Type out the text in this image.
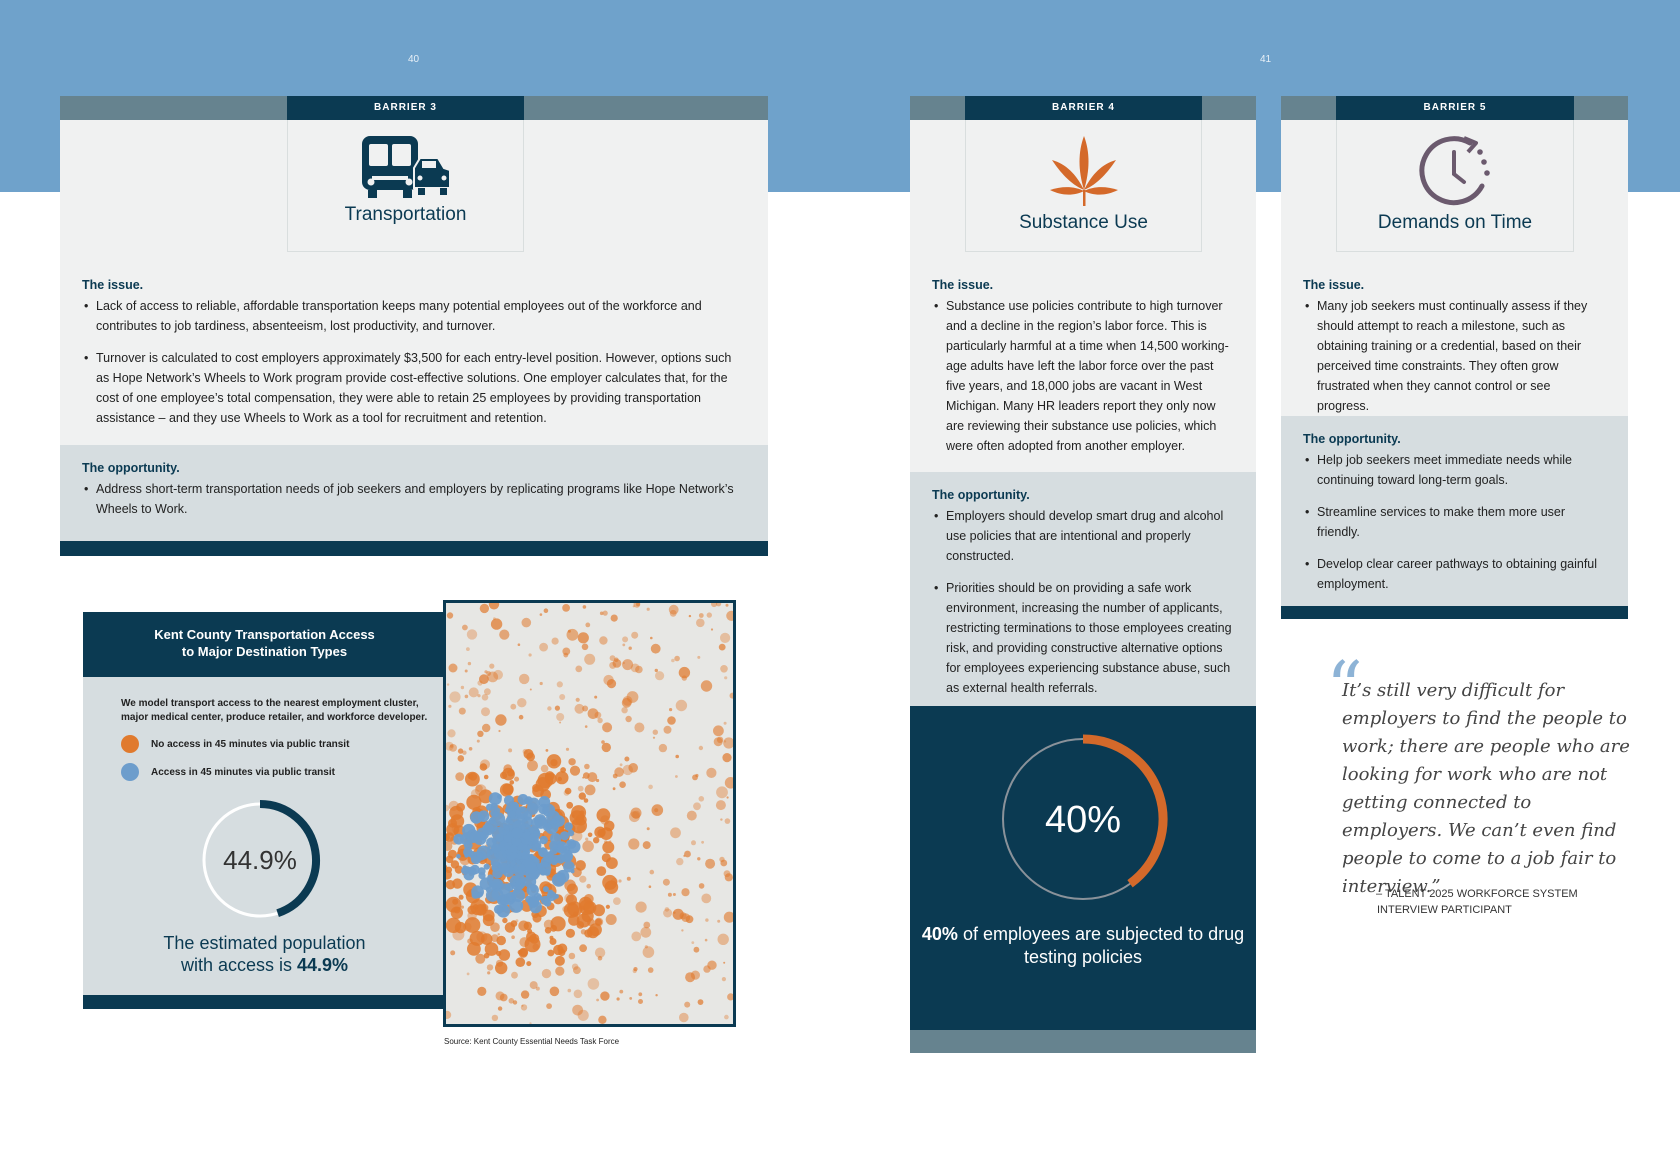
40	41
BARRIER 3
Transportation
The issue.
• Lack of access to reliable, affordable transportation keeps many potential employees out of the workforce and contributes to job tardiness, absenteeism, lost productivity, and turnover.
• Turnover is calculated to cost employers approximately $3,500 for each entry-level position. However, options such as Hope Network’s Wheels to Work program provide cost-effective solutions. One employer calculates that, for the cost of one employee’s total compensation, they were able to retain 25 employees by providing transportation assistance – and they use Wheels to Work as a tool for recruitment and retention.
The opportunity.
• Address short-term transportation needs of job seekers and employers by replicating programs like Hope Network’s Wheels to Work.
Kent County Transportation Access
to Major Destination Types
We model transport access to the nearest employment cluster, major medical center, produce retailer, and workforce developer.
No access in 45 minutes via public transit
Access in 45 minutes via public transit
44.9%
The estimated population
with access is 44.9%
Source: Kent County Essential Needs Task Force
BARRIER 4
Substance Use
The issue.
• Substance use policies contribute to high turnover and a decline in the region’s labor force. This is particularly harmful at a time when 14,500 working-age adults have left the labor force over the past five years, and 18,000 jobs are vacant in West Michigan. Many HR leaders report they only now are reviewing their substance use policies, which were often adopted from another employer.
The opportunity.
• Employers should develop smart drug and alcohol use policies that are intentional and properly constructed.
• Priorities should be on providing a safe work environment, increasing the number of applicants, restricting terminations to those employees creating risk, and providing constructive alternative options for employees experiencing substance abuse, such as external health referrals.
40%
40% of employees are subjected to drug testing policies
BARRIER 5
Demands on Time
The issue.
• Many job seekers must continually assess if they should attempt to reach a milestone, such as obtaining training or a credential, based on their perceived time constraints. They often grow frustrated when they cannot control or see progress.
The opportunity.
• Help job seekers meet immediate needs while continuing toward long-term goals.
• Streamline services to make them more user friendly.
• Develop clear career pathways to obtaining gainful employment.
“
It’s still very difficult for employers to find the people to work; there are people who are looking for work who are not getting connected to employers. We can’t even find people to come to a job fair to interview.”
– TALENT 2025 WORKFORCE SYSTEM
INTERVIEW PARTICIPANT
